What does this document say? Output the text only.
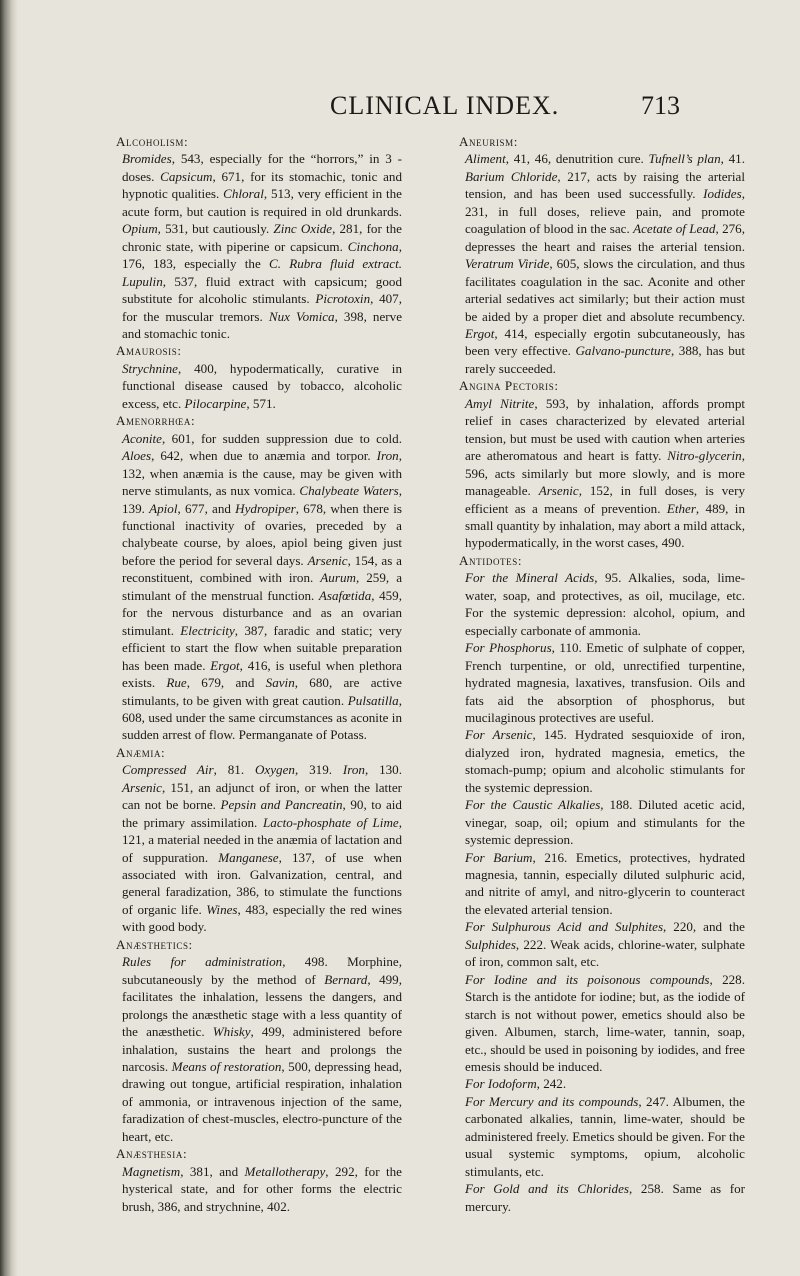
CLINICAL INDEX.	713
Alcoholism:
Bromides, 543, especially for the “horrors,” in 3 - doses. Capsicum, 671, for its stomachic, tonic and hypnotic qualities. Chloral, 513, very efficient in the acute form, but caution is required in old drunkards. Opium, 531, but cautiously. Zinc Oxide, 281, for the chronic state, with piperine or capsicum. Cinchona, 176, 183, especially the C. Rubra fluid extract. Lupulin, 537, fluid extract with capsicum; good substitute for alcoholic stimulants. Picrotoxin, 407, for the muscular tremors. Nux Vomica, 398, nerve and stomachic tonic.
Amaurosis:
Strychnine, 400, hypodermatically, curative in functional disease caused by tobacco, alcoholic excess, etc. Pilocarpine, 571.
Amenorrhœa:
Aconite, 601, for sudden suppression due to cold. Aloes, 642, when due to anæmia and torpor. Iron, 132, when anæmia is the cause, may be given with nerve stimulants, as nux vomica. Chalybeate Waters, 139. Apiol, 677, and Hydropiper, 678, when there is functional inactivity of ovaries, preceded by a chalybeate course, by aloes, apiol being given just before the period for several days. Arsenic, 154, as a reconstituent, combined with iron. Aurum, 259, a stimulant of the menstrual function. Asafœtida, 459, for the nervous disturbance and as an ovarian stimulant. Electricity, 387, faradic and static; very efficient to start the flow when suitable preparation has been made. Ergot, 416, is useful when plethora exists. Rue, 679, and Savin, 680, are active stimulants, to be given with great caution. Pulsatilla, 608, used under the same circumstances as aconite in sudden arrest of flow. Permanganate of Potass.
Anæmia:
Compressed Air, 81. Oxygen, 319. Iron, 130. Arsenic, 151, an adjunct of iron, or when the latter can not be borne. Pepsin and Pancreatin, 90, to aid the primary assimilation. Lacto-phosphate of Lime, 121, a material needed in the anæmia of lactation and of suppuration. Manganese, 137, of use when associated with iron. Galvanization, central, and general faradization, 386, to stimulate the functions of organic life. Wines, 483, especially the red wines with good body.
Anæsthetics:
Rules for administration, 498. Morphine, subcutaneously by the method of Bernard, 499, facilitates the inhalation, lessens the dangers, and prolongs the anæsthetic stage with a less quantity of the anæsthetic. Whisky, 499, administered before inhalation, sustains the heart and prolongs the narcosis. Means of restoration, 500, depressing head, drawing out tongue, artificial respiration, inhalation of ammonia, or intravenous injection of the same, faradization of chest-muscles, electro-puncture of the heart, etc.
Anæsthesia:
Magnetism, 381, and Metallotherapy, 292, for the hysterical state, and for other forms the electric brush, 386, and strychnine, 402.
Aneurism:
Aliment, 41, 46, denutrition cure. Tufnell’s plan, 41. Barium Chloride, 217, acts by raising the arterial tension, and has been used successfully. Iodides, 231, in full doses, relieve pain, and promote coagulation of blood in the sac. Acetate of Lead, 276, depresses the heart and raises the arterial tension. Veratrum Viride, 605, slows the circulation, and thus facilitates coagulation in the sac. Aconite and other arterial sedatives act similarly; but their action must be aided by a proper diet and absolute recumbency. Ergot, 414, especially ergotin subcutaneously, has been very effective. Galvano-puncture, 388, has but rarely succeeded.
Angina Pectoris:
Amyl Nitrite, 593, by inhalation, affords prompt relief in cases characterized by elevated arterial tension, but must be used with caution when arteries are atheromatous and heart is fatty. Nitro-glycerin, 596, acts similarly but more slowly, and is more manageable. Arsenic, 152, in full doses, is very efficient as a means of prevention. Ether, 489, in small quantity by inhalation, may abort a mild attack, hypodermatically, in the worst cases, 490.
Antidotes:
For the Mineral Acids, 95. Alkalies, soda, lime-water, soap, and protectives, as oil, mucilage, etc. For the systemic depression: alcohol, opium, and especially carbonate of ammonia.
For Phosphorus, 110. Emetic of sulphate of copper, French turpentine, or old, unrectified turpentine, hydrated magnesia, laxatives, transfusion. Oils and fats aid the absorption of phosphorus, but mucilaginous protectives are useful.
For Arsenic, 145. Hydrated sesquioxide of iron, dialyzed iron, hydrated magnesia, emetics, the stomach-pump; opium and alcoholic stimulants for the systemic depression.
For the Caustic Alkalies, 188. Diluted acetic acid, vinegar, soap, oil; opium and stimulants for the systemic depression.
For Barium, 216. Emetics, protectives, hydrated magnesia, tannin, especially diluted sulphuric acid, and nitrite of amyl, and nitro-glycerin to counteract the elevated arterial tension.
For Sulphurous Acid and Sulphites, 220, and the Sulphides, 222. Weak acids, chlorine-water, sulphate of iron, common salt, etc.
For Iodine and its poisonous compounds, 228. Starch is the antidote for iodine; but, as the iodide of starch is not without power, emetics should also be given. Albumen, starch, lime-water, tannin, soap, etc., should be used in poisoning by iodides, and free emesis should be induced.
For Iodoform, 242.
For Mercury and its compounds, 247. Albumen, the carbonated alkalies, tannin, lime-water, should be administered freely. Emetics should be given. For the usual systemic symptoms, opium, alcoholic stimulants, etc.
For Gold and its Chlorides, 258. Same as for mercury.
